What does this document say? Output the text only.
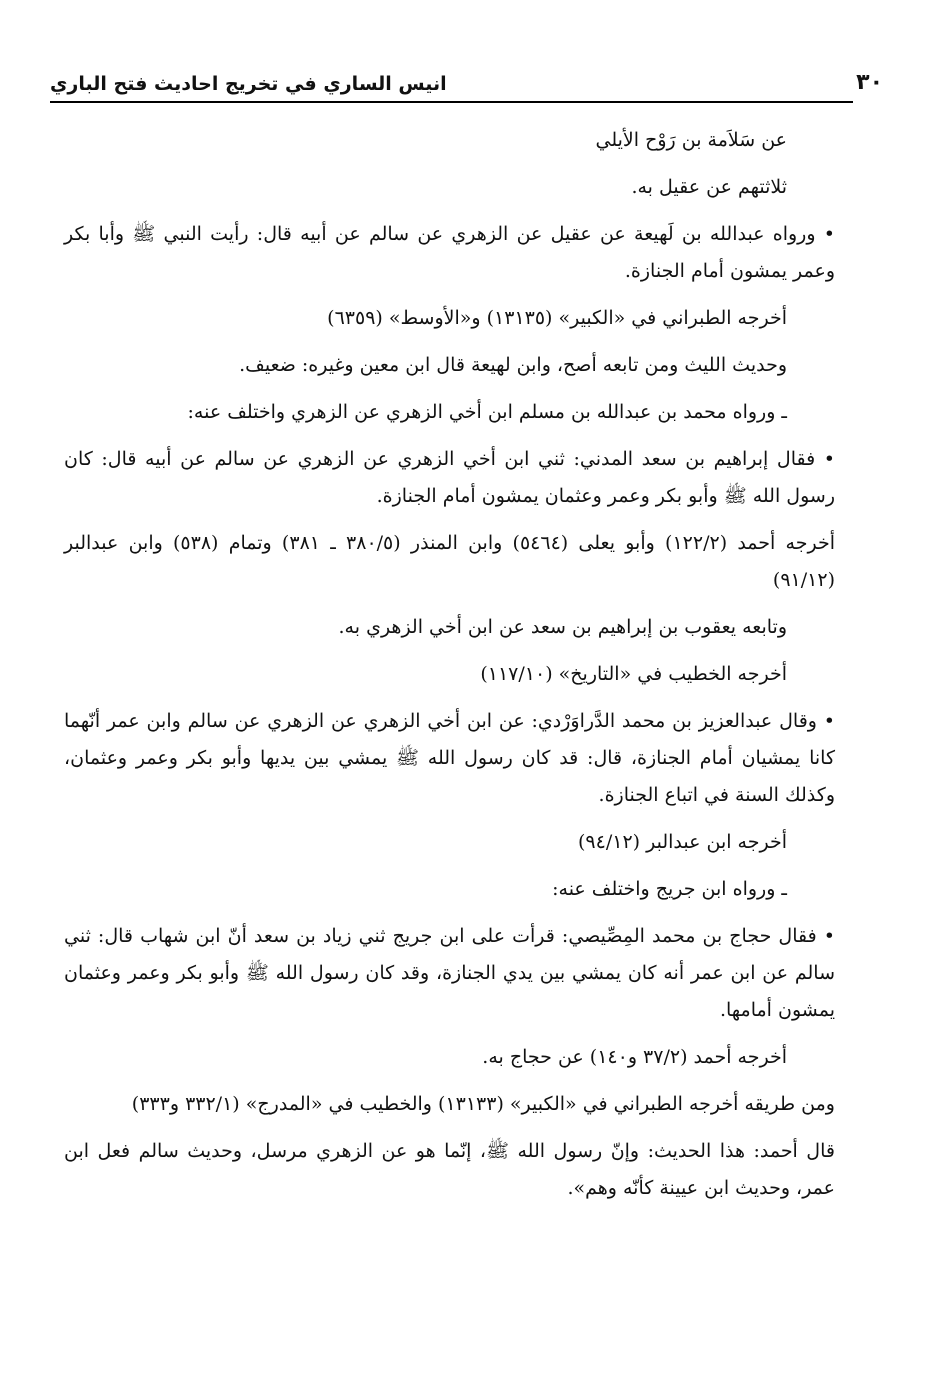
انيس الساري في تخريج احاديث فتح الباري	٣٠

عن سَلاَمة بن رَوْح الأيلي

ثلاثتهم عن عقيل به.

• ورواه عبدالله بن لَهيعة عن عقيل عن الزهري عن سالم عن أبيه قال: رأيت النبي ﷺ وأبا بكر وعمر يمشون أمام الجنازة.

أخرجه الطبراني في «الكبير» (١٣١٣٥) و«الأوسط» (٦٣٥٩)

وحديث الليث ومن تابعه أصح، وابن لهيعة قال ابن معين وغيره: ضعيف.

ـ ورواه محمد بن عبدالله بن مسلم ابن أخي الزهري عن الزهري واختلف عنه:

• فقال إبراهيم بن سعد المدني: ثني ابن أخي الزهري عن الزهري عن سالم عن أبيه قال: كان رسول الله ﷺ وأبو بكر وعمر وعثمان يمشون أمام الجنازة.

أخرجه أحمد (١٢٢/٢) وأبو يعلى (٥٤٦٤) وابن المنذر (٣٨٠/٥ ـ ٣٨١) وتمام (٥٣٨) وابن عبدالبر (٩١/١٢)

وتابعه يعقوب بن إبراهيم بن سعد عن ابن أخي الزهري به.

أخرجه الخطيب في «التاريخ» (١١٧/١٠)

• وقال عبدالعزيز بن محمد الدَّراوَرْدي: عن ابن أخي الزهري عن الزهري عن سالم وابن عمر أنّهما كانا يمشيان أمام الجنازة، قال: قد كان رسول الله ﷺ يمشي بين يديها وأبو بكر وعمر وعثمان، وكذلك السنة في اتباع الجنازة.

أخرجه ابن عبدالبر (٩٤/١٢)

ـ ورواه ابن جريج واختلف عنه:

• فقال حجاج بن محمد المِصِّيصي: قرأت على ابن جريج ثني زياد بن سعد أنّ ابن شهاب قال: ثني سالم عن ابن عمر أنه كان يمشي بين يدي الجنازة، وقد كان رسول الله ﷺ وأبو بكر وعمر وعثمان يمشون أمامها.

أخرجه أحمد (٣٧/٢ و١٤٠) عن حجاج به.

ومن طريقه أخرجه الطبراني في «الكبير» (١٣١٣٣) والخطيب في «المدرج» (٣٣٢/١ و٣٣٣)

قال أحمد: هذا الحديث: وإنّ رسول الله ﷺ، إنّما هو عن الزهري مرسل، وحديث سالم فعل ابن عمر، وحديث ابن عيينة كأنّه وهم».
